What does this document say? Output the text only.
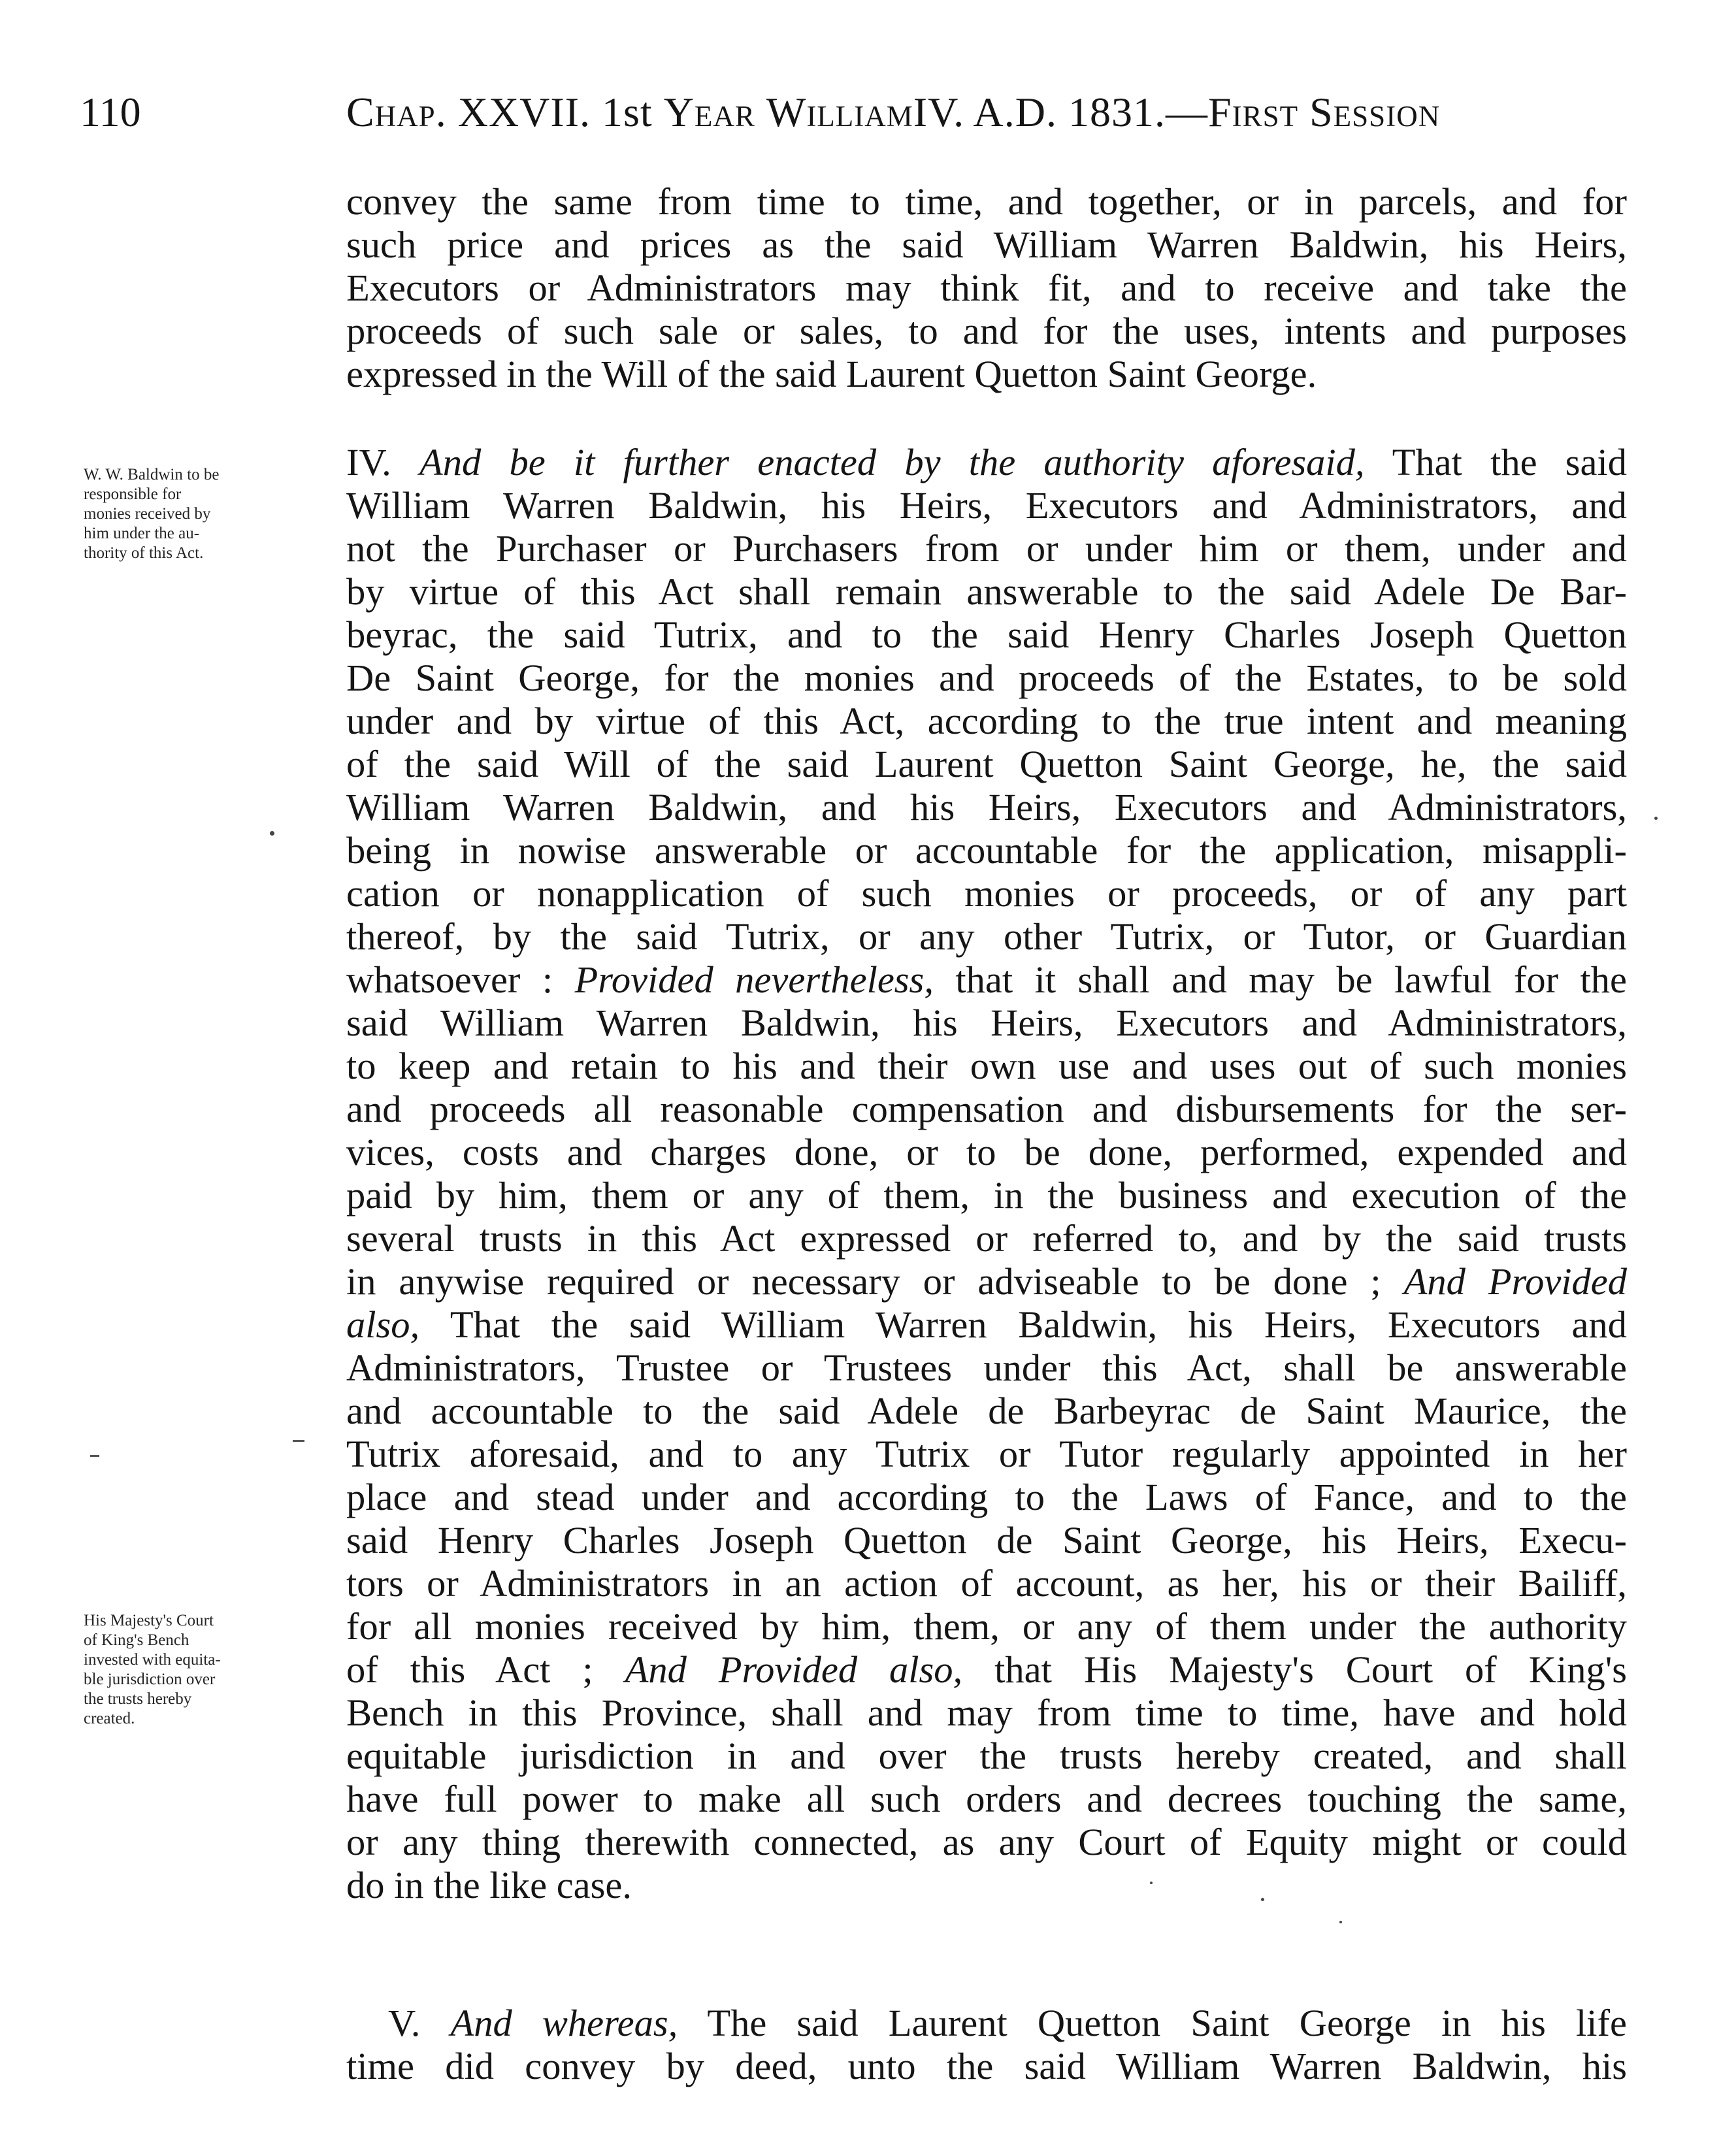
110	Chap. XXVII. 1st Year WilliamIV. A.D. 1831.—First Session
convey the same from time to time, and together, or in parcels, and for
such price and prices as the said William Warren Baldwin, his Heirs,
Executors or Administrators may think fit, and to receive and take the
proceeds of such sale or sales, to and for the uses, intents and purposes
expressed in the Will of the said Laurent Quetton Saint George.
IV. And be it further enacted by the authority aforesaid, That the said
William Warren Baldwin, his Heirs, Executors and Administrators, and
not the Purchaser or Purchasers from or under him or them, under and
by virtue of this Act shall remain answerable to the said Adele De Bar-
beyrac, the said Tutrix, and to the said Henry Charles Joseph Quetton
De Saint George, for the monies and proceeds of the Estates, to be sold
under and by virtue of this Act, according to the true intent and meaning
of the said Will of the said Laurent Quetton Saint George, he, the said
William Warren Baldwin, and his Heirs, Executors and Administrators,
being in nowise answerable or accountable for the application, misappli-
cation or nonapplication of such monies or proceeds, or of any part
thereof, by the said Tutrix, or any other Tutrix, or Tutor, or Guardian
whatsoever : Provided nevertheless, that it shall and may be lawful for the
said William Warren Baldwin, his Heirs, Executors and Administrators,
to keep and retain to his and their own use and uses out of such monies
and proceeds all reasonable compensation and disbursements for the ser-
vices, costs and charges done, or to be done, performed, expended and
paid by him, them or any of them, in the business and execution of the
several trusts in this Act expressed or referred to, and by the said trusts
in anywise required or necessary or adviseable to be done ; And Provided
also, That the said William Warren Baldwin, his Heirs, Executors and
Administrators, Trustee or Trustees under this Act, shall be answerable
and accountable to the said Adele de Barbeyrac de Saint Maurice, the
Tutrix aforesaid, and to any Tutrix or Tutor regularly appointed in her
place and stead under and according to the Laws of Fance, and to the
said Henry Charles Joseph Quetton de Saint George, his Heirs, Execu-
tors or Administrators in an action of account, as her, his or their Bailiff,
for all monies received by him, them, or any of them under the authority
of this Act ; And Provided also, that His Majesty's Court of King's
Bench in this Province, shall and may from time to time, have and hold
equitable jurisdiction in and over the trusts hereby created, and shall
have full power to make all such orders and decrees touching the same,
or any thing therewith connected, as any Court of Equity might or could
do in the like case.
V. And whereas, The said Laurent Quetton Saint George in his life
time did convey by deed, unto the said William Warren Baldwin, his
W. W. Baldwin to be
responsible for
monies received by
him under the au-
thority of this Act.
His Majesty's Court
of King's Bench
invested with equita-
ble jurisdiction over
the trusts hereby
created.
